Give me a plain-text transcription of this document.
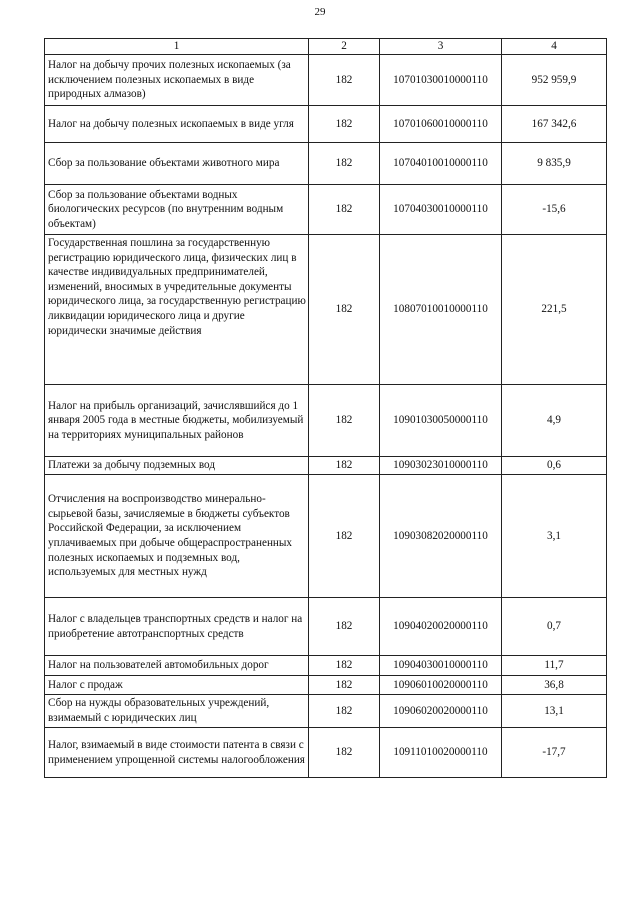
29
1	2	3	4
Налог на добычу прочих полезных ископаемых (за исключением полезных ископаемых в виде природных алмазов)	182	10701030010000110	952 959,9
Налог на добычу полезных ископаемых в виде угля	182	10701060010000110	167 342,6
Сбор за пользование объектами животного мира	182	10704010010000110	9 835,9
Сбор за пользование объектами водных биологических ресурсов (по внутренним водным объектам)	182	10704030010000110	-15,6
Государственная пошлина за государственную регистрацию юридического лица, физических лиц в качестве индивидуальных предпринимателей, изменений, вносимых в учредительные документы юридического лица, за государственную регистрацию ликвидации юридического лица и другие юридически значимые действия	182	10807010010000110	221,5
Налог на прибыль организаций, зачислявшийся до 1 января 2005 года в местные бюджеты, мобилизуемый на территориях муниципальных районов	182	10901030050000110	4,9
Платежи за добычу подземных вод	182	10903023010000110	0,6
Отчисления на воспроизводство минерально-сырьевой базы, зачисляемые в бюджеты субъектов Российской Федерации, за исключением уплачиваемых при добыче общераспространенных полезных ископаемых и подземных вод, используемых для местных нужд	182	10903082020000110	3,1
Налог с владельцев транспортных средств и налог на приобретение автотранспортных средств	182	10904020020000110	0,7
Налог на пользователей автомобильных дорог	182	10904030010000110	11,7
Налог с продаж	182	10906010020000110	36,8
Сбор на нужды образовательных учреждений, взимаемый с юридических лиц	182	10906020020000110	13,1
Налог, взимаемый в виде стоимости патента в связи с применением упрощенной системы налогообложения	182	10911010020000110	-17,7
